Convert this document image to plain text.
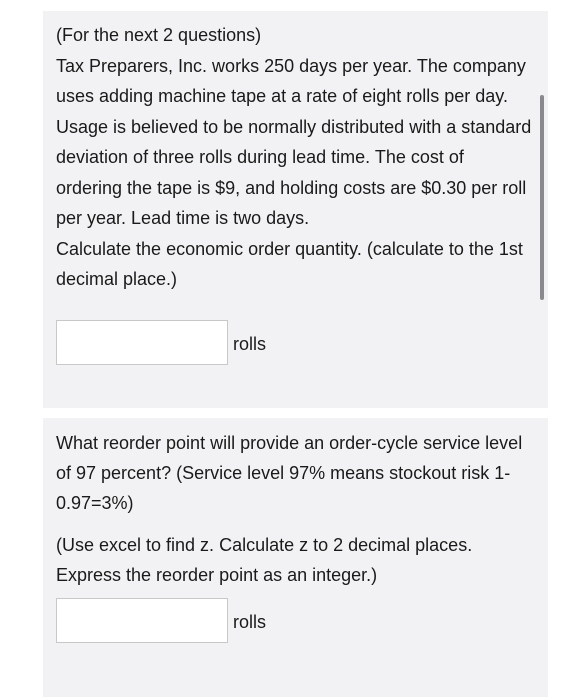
(For the next 2 questions)

Tax Preparers, Inc. works 250 days per year. The company uses adding machine tape at a rate of eight rolls per day. Usage is believed to be normally distributed with a standard deviation of three rolls during lead time. The cost of ordering the tape is $9, and holding costs are $0.30 per roll per year. Lead time is two days.

Calculate the economic order quantity. (calculate to the 1st decimal place.)

rolls

What reorder point will provide an order-cycle service level of 97 percent? (Service level 97% means stockout risk 1-0.97=3%)

(Use excel to find z. Calculate z to 2 decimal places. Express the reorder point as an integer.)

rolls
